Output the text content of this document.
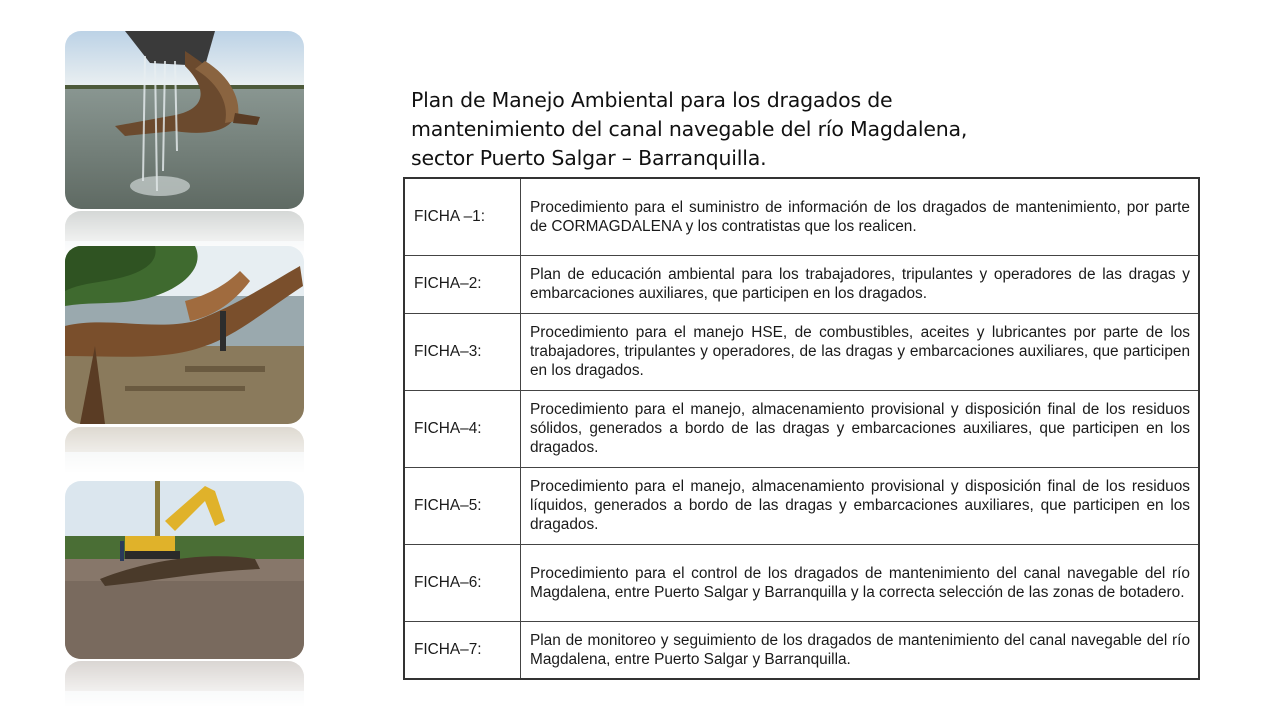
Plan de Manejo Ambiental para los dragados de
mantenimiento del canal navegable del río Magdalena,
sector Puerto Salgar – Barranquilla.
FICHA –1:	Procedimiento para el suministro de información de los dragados de mantenimiento, por parte de CORMAGDALENA y los contratistas que los realicen.
FICHA–2:	Plan de educación ambiental para los trabajadores, tripulantes y operadores de las dragas y embarcaciones auxiliares, que participen en los dragados.
FICHA–3:	Procedimiento para el manejo HSE, de combustibles, aceites y lubricantes por parte de los trabajadores, tripulantes y operadores, de las dragas y embarcaciones auxiliares, que participen en los dragados.
FICHA–4:	Procedimiento para el manejo, almacenamiento provisional y disposición final de los residuos sólidos, generados a bordo de las dragas y embarcaciones auxiliares, que participen en los dragados.
FICHA–5:	Procedimiento para el manejo, almacenamiento provisional y disposición final de los residuos líquidos, generados a bordo de las dragas y embarcaciones auxiliares, que participen en los dragados.
FICHA–6:	Procedimiento para el control de los dragados de mantenimiento del canal navegable del río Magdalena, entre Puerto Salgar y Barranquilla y la correcta selección de las zonas de botadero.
FICHA–7:	Plan de monitoreo y seguimiento de los dragados de mantenimiento del canal navegable del río Magdalena, entre Puerto Salgar y Barranquilla.
